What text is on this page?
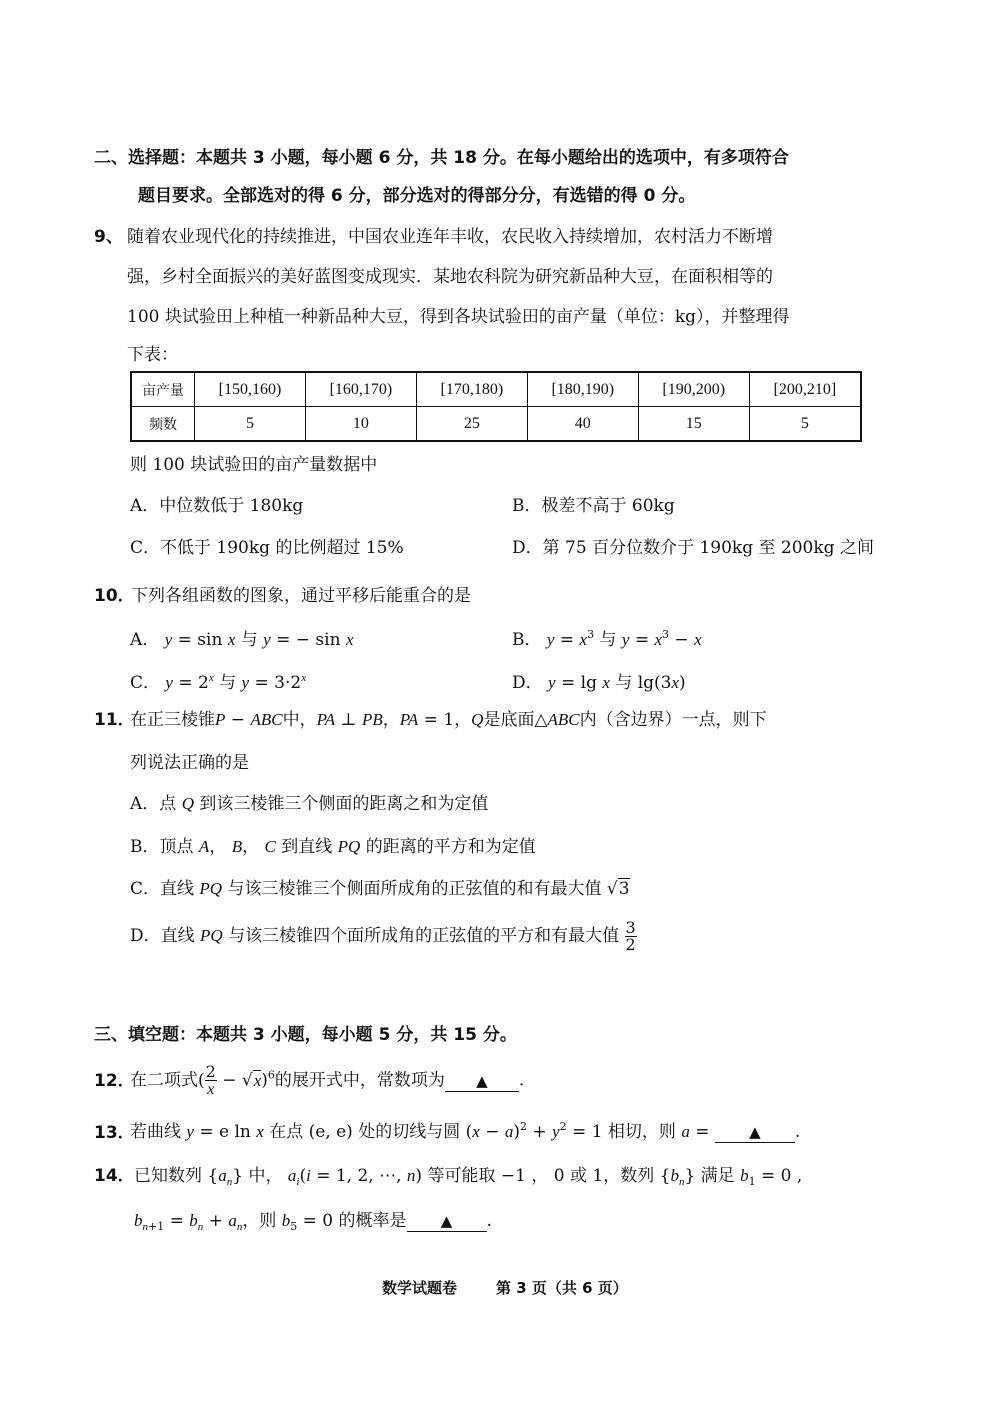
二、选择题：本题共 3 小题，每小题 6 分，共 18 分。在每小题给出的选项中，有多项符合
题目要求。全部选对的得 6 分，部分选对的得部分分，有选错的得 0 分。
9、 随着农业现代化的持续推进，中国农业连年丰收，农民收入持续增加，农村活力不断增
强，乡村全面振兴的美好蓝图变成现实．某地农科院为研究新品种大豆，在面积相等的
100 块试验田上种植一种新品种大豆，得到各块试验田的亩产量（单位：kg），并整理得
下表：
亩产量	[150,160)	[160,170)	[170,180)	[180,190)	[190,200)	[200,210]
频数	5	10	25	40	15	5
则 100 块试验田的亩产量数据中
A．中位数低于 180kg	B．极差不高于 60kg
C．不低于 190kg 的比例超过 15%	D．第 75 百分位数介于 190kg 至 200kg 之间
10．
下列各组函数的图象，通过平移后能重合的是
A． y = sin x 与 y = − sin x	B． $y = x^3$ 与 $y = x^3 - x$
C． $y = 2^x$ 与 $y = 3\cdot 2^x$	D． y = lg x 与 lg(3x)
11．
在正三棱锥P − ABC中，PA ⊥ PB，PA = 1，Q是底面△ABC内（含边界）一点，则下
列说法正确的是
A．点 Q 到该三棱锥三个侧面的距离之和为定值
B．顶点 A， B， C 到直线 PQ 的距离的平方和为定值
C．直线 PQ 与该三棱锥三个侧面所成角的正弦值的和有最大值 √3
D．直线 PQ 与该三棱锥四个面所成角的正弦值的平方和有最大值 $\frac{3}{2}$
三、填空题：本题共 3 小题，每小题 5 分，共 15 分。
12．
在二项式( $\frac{2}{x} - √x)^6$的展开式中，常数项为 ▲ .
13．
若曲线 y = e ln x 在点 (e, e) 处的切线与圆 $(x - a)^2 + y^2 = 1$ 相切，则 a = ▲ .
14． 已知数列 $\{a_n\}$ 中， $a_i(i = 1$, 2, ⋯, n) 等可能取 −1 ， 0 或 1，数列 $\{b_n\}$ 满足 $b_1 = 0$ ,
$b_{n+1} = b_n + a_n$，则 $b_5 = 0$ 的概率是 ▲ .
数学试题卷	第 3 页（共 6 页）
